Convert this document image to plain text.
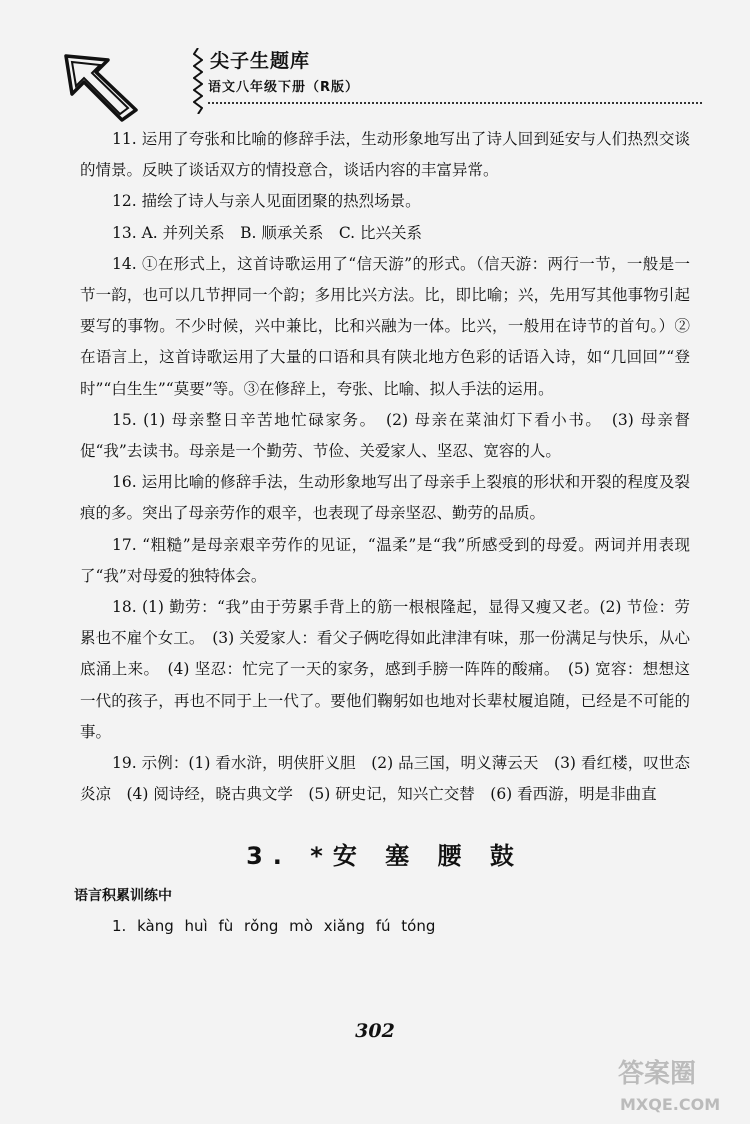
尖子生题库
语文八年级下册（R版）

11. 运用了夸张和比喻的修辞手法，生动形象地写出了诗人回到延安与人们热烈交谈的情景。反映了谈话双方的情投意合，谈话内容的丰富异常。

12. 描绘了诗人与亲人见面团聚的热烈场景。

13. A. 并列关系　B. 顺承关系　C. 比兴关系

14. ①在形式上，这首诗歌运用了“信天游”的形式。（信天游：两行一节，一般是一节一韵，也可以几节押同一个韵；多用比兴方法。比，即比喻；兴，先用写其他事物引起要写的事物。不少时候，兴中兼比，比和兴融为一体。比兴，一般用在诗节的首句。）②在语言上，这首诗歌运用了大量的口语和具有陕北地方色彩的话语入诗，如“几回回”“登时”“白生生”“莫要”等。③在修辞上，夸张、比喻、拟人手法的运用。

15. (1) 母亲整日辛苦地忙碌家务。　(2) 母亲在菜油灯下看小书。　(3) 母亲督促“我”去读书。母亲是一个勤劳、节俭、关爱家人、坚忍、宽容的人。

16. 运用比喻的修辞手法，生动形象地写出了母亲手上裂痕的形状和开裂的程度及裂痕的多。突出了母亲劳作的艰辛，也表现了母亲坚忍、勤劳的品质。

17. “粗糙”是母亲艰辛劳作的见证，“温柔”是“我”所感受到的母爱。两词并用表现了“我”对母爱的独特体会。

18. (1) 勤劳：“我”由于劳累手背上的筋一根根隆起，显得又瘦又老。(2) 节俭：劳累也不雇个女工。　(3) 关爱家人：看父子俩吃得如此津津有味，那一份满足与快乐，从心底涌上来。　(4) 坚忍：忙完了一天的家务，感到手膀一阵阵的酸痛。　(5) 宽容：想想这一代的孩子，再也不同于上一代了。要他们鞠躬如也地对长辈杖履追随，已经是不可能的事。

19. 示例：(1) 看水浒，明侠肝义胆　(2) 品三国，明义薄云天　(3) 看红楼，叹世态炎凉　(4) 阅诗经，晓古典文学　(5) 研史记，知兴亡交替　(6) 看西游，明是非曲直

3. *安 塞 腰 鼓
语言积累训练中

1. kàng huì fù rǒng mò xiǎng fú tóng

302
答案圈
MXQE.COM
